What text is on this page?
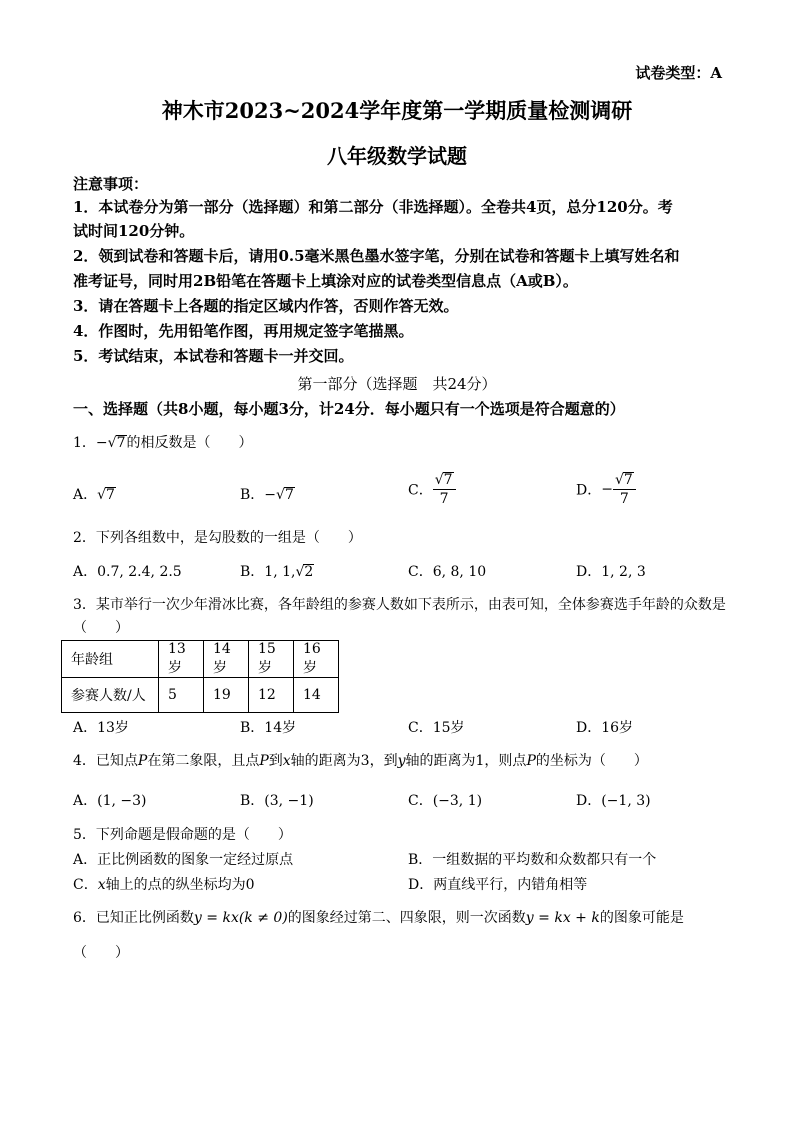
试卷类型：A
神木市2023~2024学年度第一学期质量检测调研
八年级数学试题
注意事项：
1．本试卷分为第一部分（选择题）和第二部分（非选择题）。全卷共4页，总分120分。考
试时间120分钟。
2．领到试卷和答题卡后，请用0.5毫米黑色墨水签字笔，分别在试卷和答题卡上填写姓名和
准考证号，同时用2B铅笔在答题卡上填涂对应的试卷类型信息点（A或B）。
3．请在答题卡上各题的指定区域内作答，否则作答无效。
4．作图时，先用铅笔作图，再用规定签字笔描黑。
5．考试结束，本试卷和答题卡一并交回。
第一部分（选择题　共24分）
一、选择题（共8小题，每小题3分，计24分．每小题只有一个选项是符合题意的）
1．−√7的相反数是（　　）
A．√7	B．−√7	C． $\frac{√7}{7}$	D．− $\frac{√7}{7}$
2．下列各组数中，是勾股数的一组是（　　）
A．0.7, 2.4, 2.5	B．1, 1,√2	C．6, 8, 10	D．1, 2, 3
3．某市举行一次少年滑冰比赛，各年龄组的参赛人数如下表所示，由表可知，全体参赛选手年龄的众数是
（　　）
年龄组	13岁	14岁	15岁	16岁
参赛人数/人	5	19	12	14
A．13岁	B．14岁	C．15岁	D．16岁
4．已知点P在第二象限，且点P到x轴的距离为3，到y轴的距离为1，则点P的坐标为（　　）
A．(1, −3)	B．(3, −1)	C．(−3, 1)	D．(−1, 3)
5．下列命题是假命题的是（　　）
A．正比例函数的图象一定经过原点	B．一组数据的平均数和众数都只有一个
C．x轴上的点的纵坐标均为0	D．两直线平行，内错角相等
6．已知正比例函数y = kx(k ≠ 0)的图象经过第二、四象限，则一次函数y = kx + k的图象可能是
（　　）
